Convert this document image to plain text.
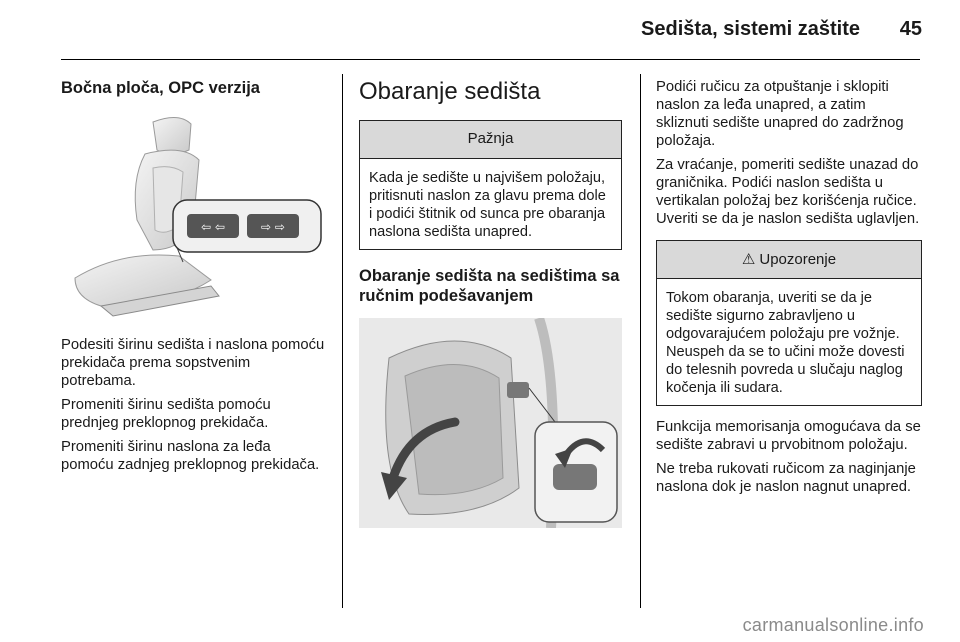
Sedišta, sistemi zaštite 45
Bočna ploča, OPC verzija
⇦ ⇦	⇨ ⇨

Podesiti širinu sedišta i naslona pomoću prekidača prema sopstvenim potrebama.

Promeniti širinu sedišta pomoću prednjeg preklopnog prekidača.

Promeniti širinu naslona za leđa pomoću zadnjeg preklopnog prekidača.

Obaranje sedišta
Pažnja
Kada je sedište u najvišem položaju, pritisnuti naslon za glavu prema dole i podići štitnik od sunca pre obaranja naslona sedišta unapred.
Obaranje sedišta na sedištima sa ručnim podešavanjem

Podići ručicu za otpuštanje i sklopiti naslon za leđa unapred, a zatim skliznuti sedište unapred do zadržnog položaja.

Za vraćanje, pomeriti sedište unazad do graničnika. Podići naslon sedišta u vertikalan položaj bez korišćenja ručice. Uveriti se da je naslon sedišta uglavljen.

⚠ Upozorenje
Tokom obaranja, uveriti se da je sedište sigurno zabravljeno u odgovarajućem položaju pre vožnje. Neuspeh da se to učini može dovesti do telesnih povreda u slučaju naglog kočenja ili sudara.

Funkcija memorisanja omogućava da se sedište zabravi u prvobitnom položaju.

Ne treba rukovati ručicom za naginjanje naslona dok je naslon nagnut unapred.

carmanualsonline.info
